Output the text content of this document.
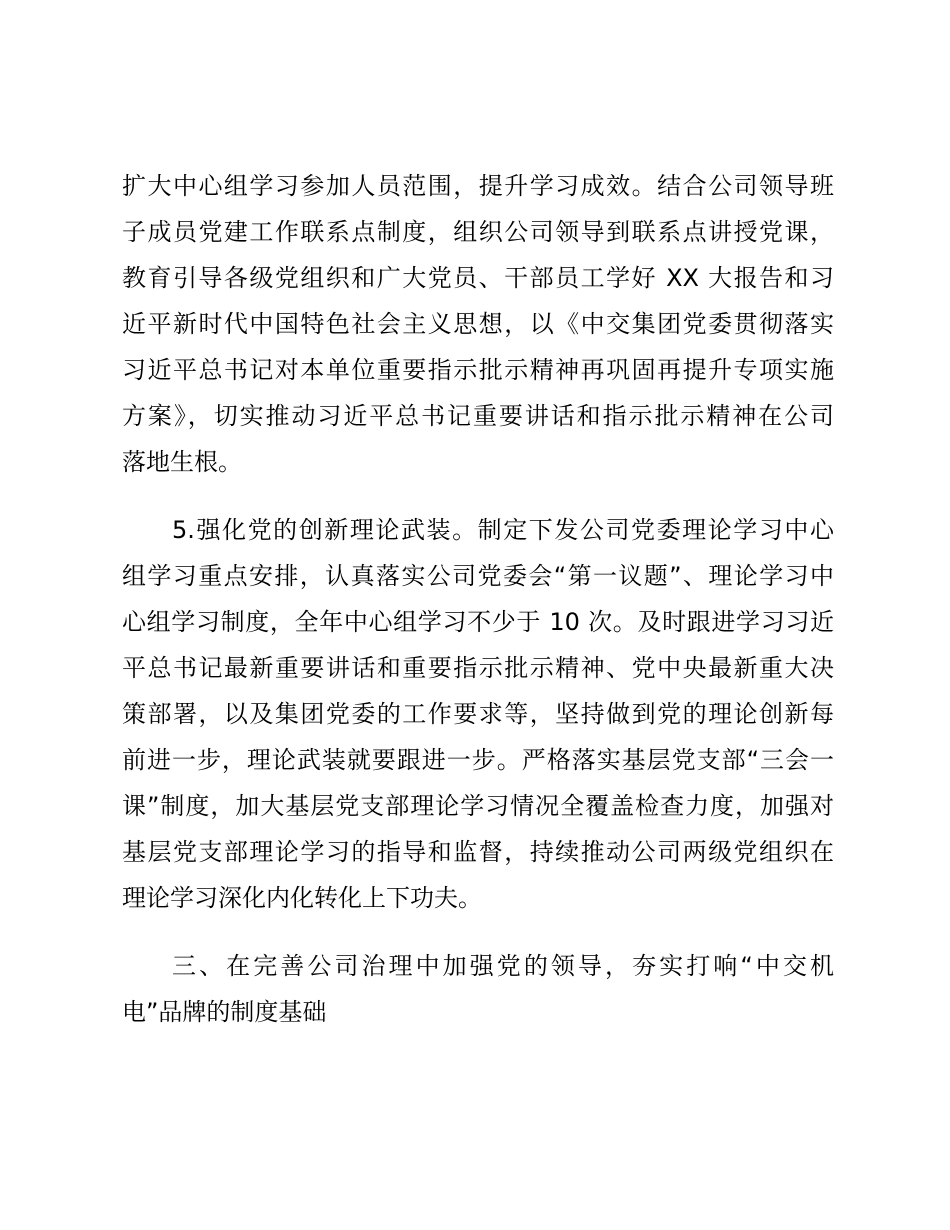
扩大中心组学习参加人员范围，提升学习成效。结合公司领导班
子成员党建工作联系点制度，组织公司领导到联系点讲授党课，
教育引导各级党组织和广大党员、干部员工学好 XX 大报告和习
近平新时代中国特色社会主义思想，以《中交集团党委贯彻落实
习近平总书记对本单位重要指示批示精神再巩固再提升专项实施
方案》，切实推动习近平总书记重要讲话和指示批示精神在公司
落地生根。
5.强化党的创新理论武装。制定下发公司党委理论学习中心
组学习重点安排，认真落实公司党委会“第一议题”、理论学习中
心组学习制度，全年中心组学习不少于 10 次。及时跟进学习习近
平总书记最新重要讲话和重要指示批示精神、党中央最新重大决
策部署，以及集团党委的工作要求等，坚持做到党的理论创新每
前进一步，理论武装就要跟进一步。严格落实基层党支部“三会一
课”制度，加大基层党支部理论学习情况全覆盖检查力度，加强对
基层党支部理论学习的指导和监督，持续推动公司两级党组织在
理论学习深化内化转化上下功夫。
三、在完善公司治理中加强党的领导，夯实打响“中交机
电”品牌的制度基础
